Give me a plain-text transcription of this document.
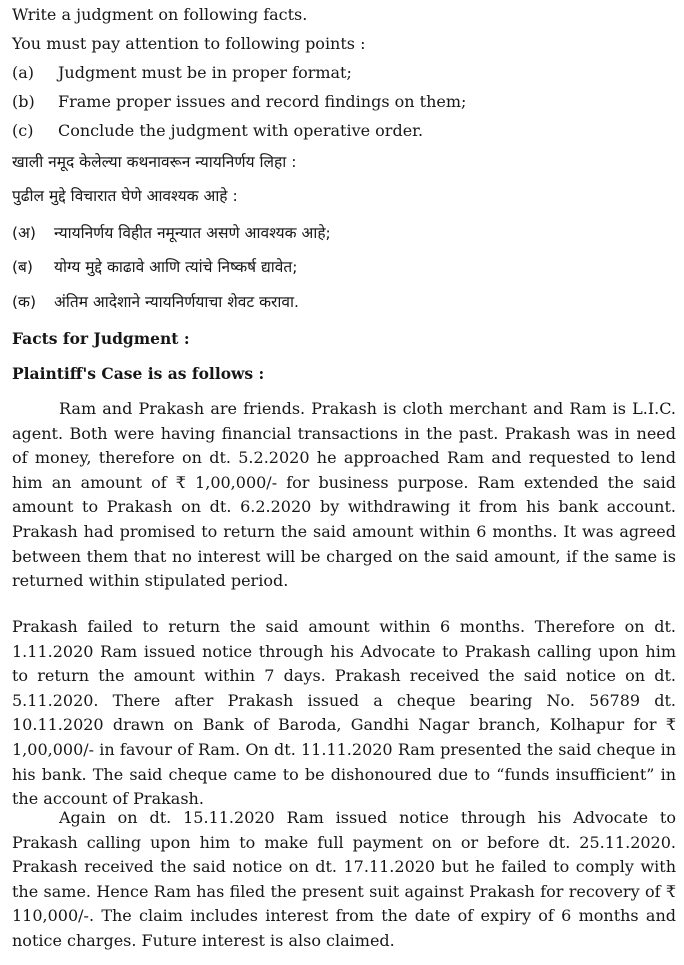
Write a judgment on following facts.
You must pay attention to following points :
(a) Judgment must be in proper format;
(b) Frame proper issues and record findings on them;
(c) Conclude the judgment with operative order.
खाली नमूद केलेल्या कथनावरून न्यायनिर्णय लिहा :
पुढील मुद्दे विचारात घेणे आवश्यक आहे :
(अ) न्यायनिर्णय विहीत नमून्यात असणे आवश्यक आहे;
(ब) योग्य मुद्दे काढावे आणि त्यांचे निष्कर्ष द्यावेत;
(क) अंतिम आदेशाने न्यायनिर्णयाचा शेवट करावा.
Facts for Judgment :
Plaintiff's Case is as follows :
Ram and Prakash are friends. Prakash is cloth merchant and Ram is L.I.C. agent. Both were having financial transactions in the past. Prakash was in need of money, therefore on dt. 5.2.2020 he approached Ram and requested to lend him an amount of ₹ 1,00,000/- for business purpose. Ram extended the said amount to Prakash on dt. 6.2.2020 by withdrawing it from his bank account. Prakash had promised to return the said amount within 6 months. It was agreed between them that no interest will be charged on the said amount, if the same is returned within stipulated period.
Prakash failed to return the said amount within 6 months. Therefore on dt. 1.11.2020 Ram issued notice through his Advocate to Prakash calling upon him to return the amount within 7 days. Prakash received the said notice on dt. 5.11.2020. There after Prakash issued a cheque bearing No. 56789 dt. 10.11.2020 drawn on Bank of Baroda, Gandhi Nagar branch, Kolhapur for ₹ 1,00,000/- in favour of Ram. On dt. 11.11.2020 Ram presented the said cheque in his bank. The said cheque came to be dishonoured due to “funds insufficient” in the account of Prakash.
Again on dt. 15.11.2020 Ram issued notice through his Advocate to Prakash calling upon him to make full payment on or before dt. 25.11.2020. Prakash received the said notice on dt. 17.11.2020 but he failed to comply with the same. Hence Ram has filed the present suit against Prakash for recovery of ₹ 110,000/-. The claim includes interest from the date of expiry of 6 months and notice charges. Future interest is also claimed.
